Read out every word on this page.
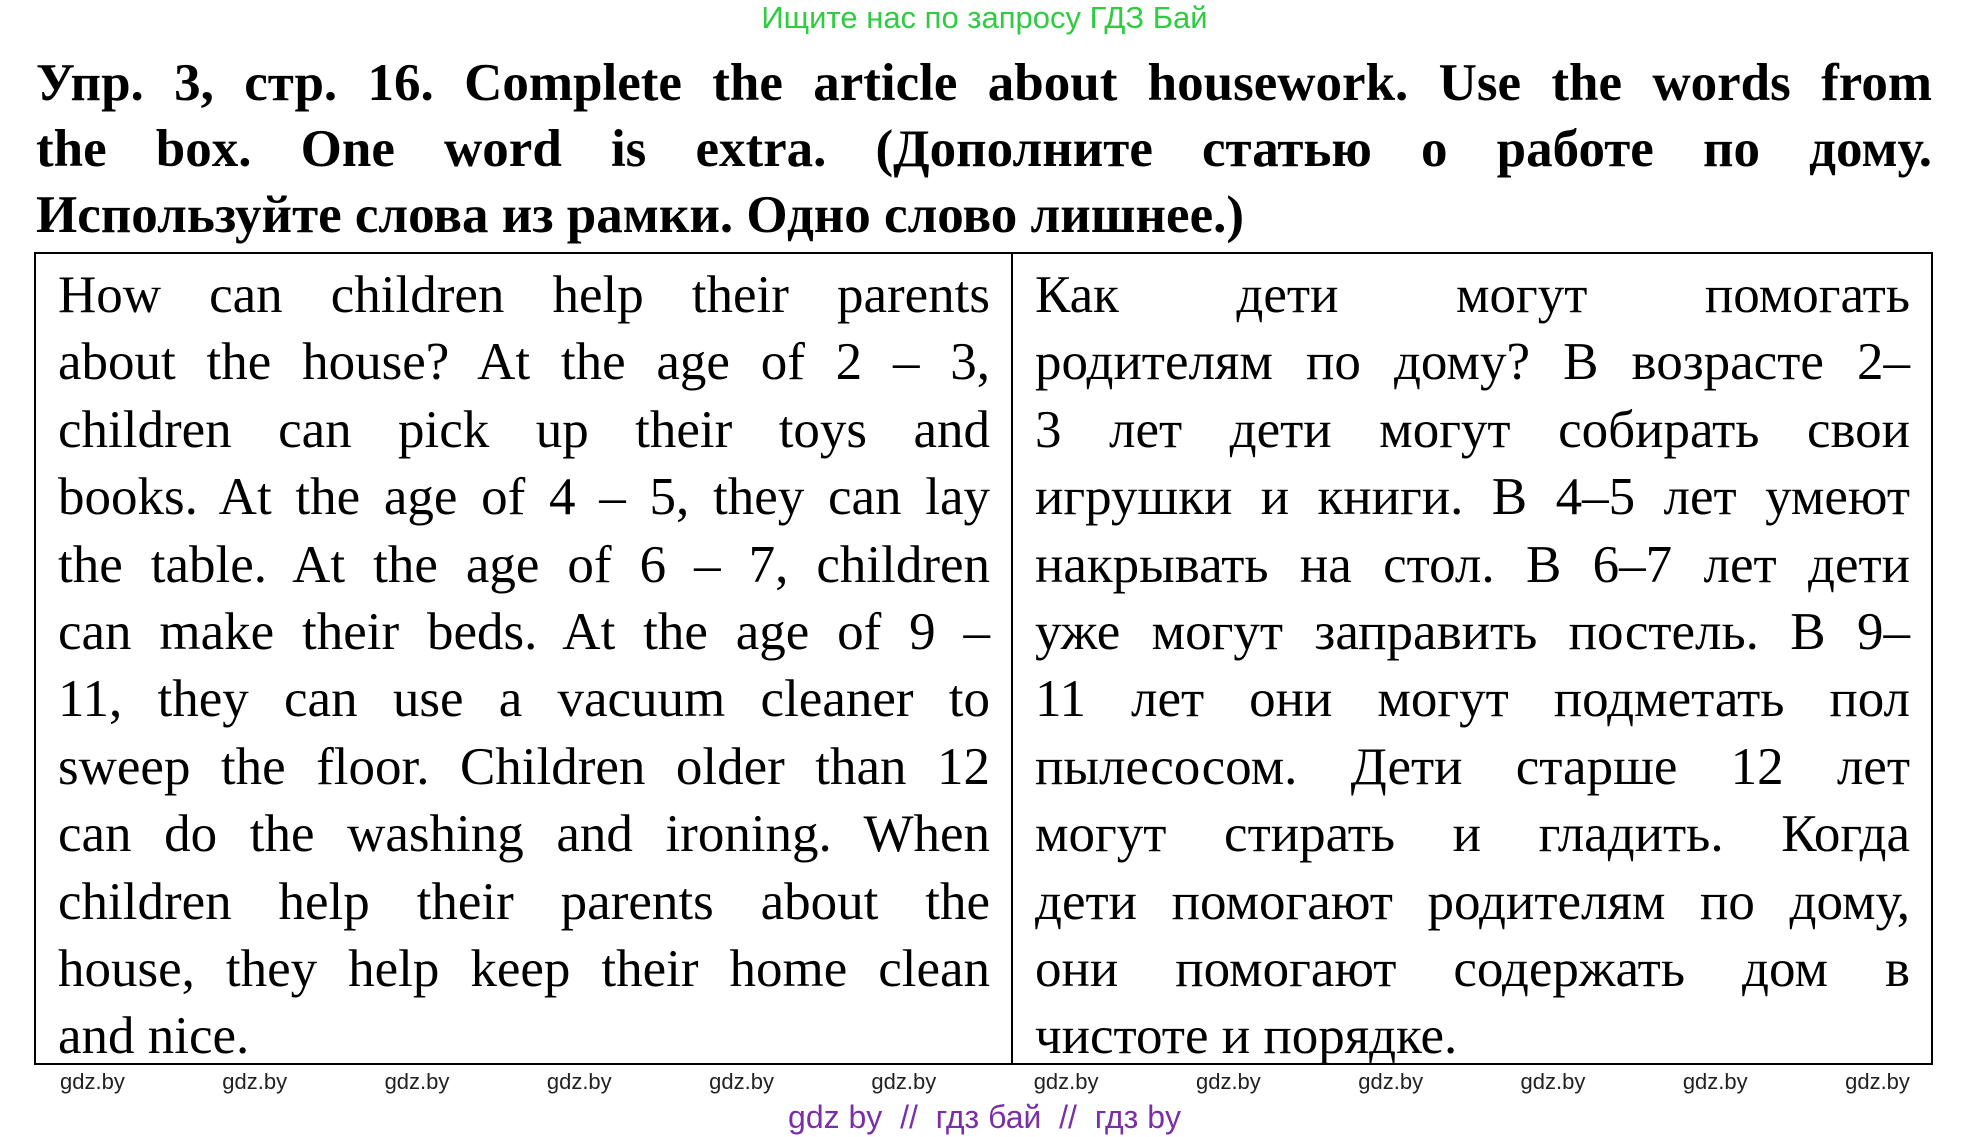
Ищите нас по запросу ГДЗ Бай
Упр. 3, стр. 16. Complete the article about housework. Use the words from
the box. One word is extra. (Дополните статью о работе по дому.
Используйте слова из рамки. Одно слово лишнее.)
How can children help their parents
about the house? At the age of 2 – 3,
children can pick up their toys and
books. At the age of 4 – 5, they can lay
the table. At the age of 6 – 7, children
can make their beds. At the age of 9 –
11, they can use a vacuum cleaner to
sweep the floor. Children older than 12
can do the washing and ironing. When
children help their parents about the
house, they help keep their home clean
and nice.
Как дети могут помогать
родителям по дому? В возрасте 2–
3 лет дети могут собирать свои
игрушки и книги. В 4–5 лет умеют
накрывать на стол. В 6–7 лет дети
уже могут заправить постель. В 9–
11 лет они могут подметать пол
пылесосом. Дети старше 12 лет
могут стирать и гладить. Когда
дети помогают родителям по дому,
они помогают содержать дом в
чистоте и порядке.
gdz.by	gdz.by	gdz.by	gdz.by	gdz.by	gdz.by	gdz.by	gdz.by	gdz.by	gdz.by	gdz.by	gdz.by
gdz by  //  гдз бай  //  гдз by
